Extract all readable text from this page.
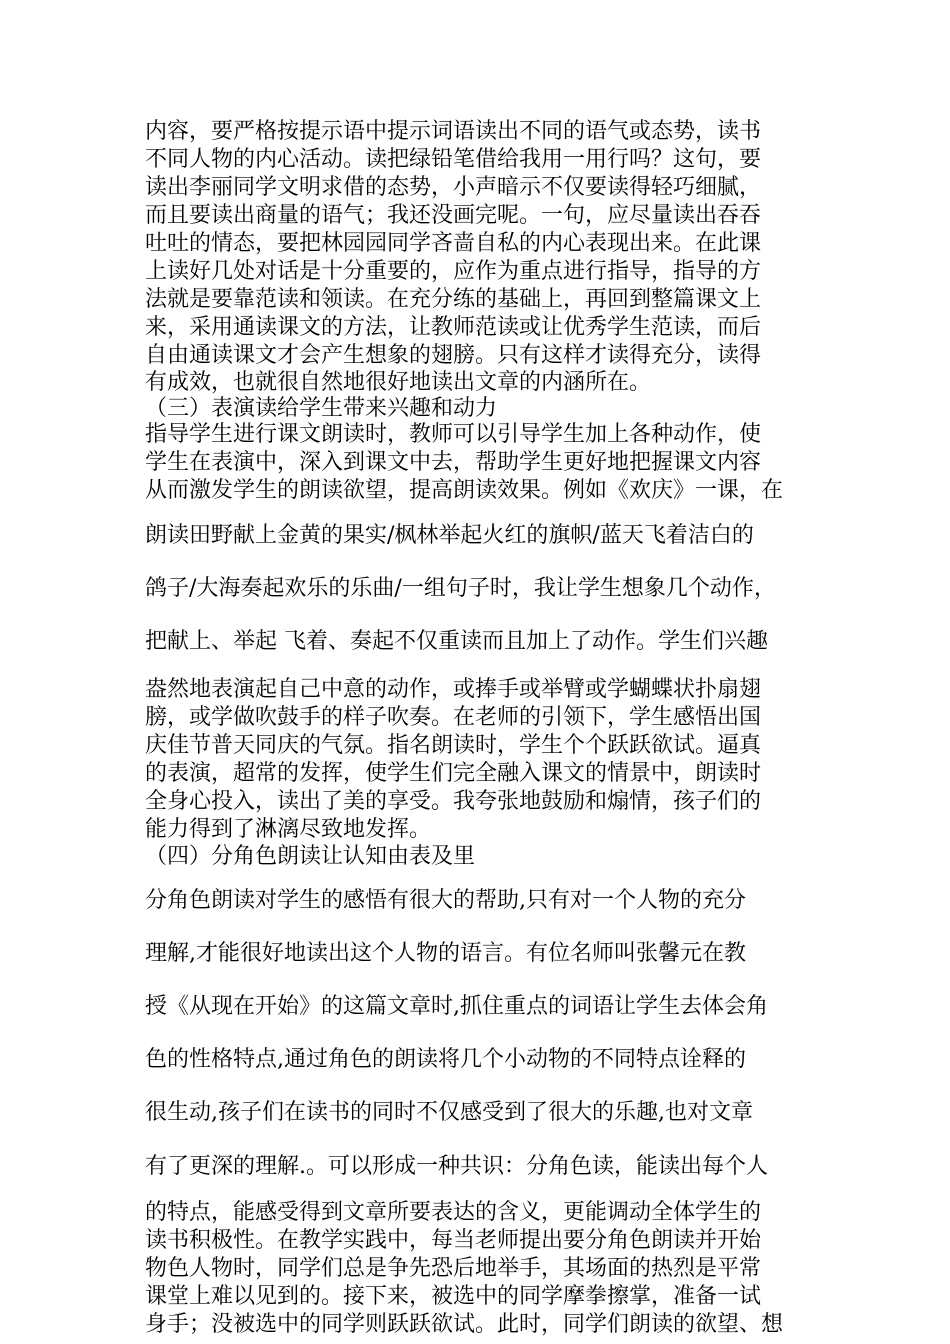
内容，要严格按提示语中提示词语读出不同的语气或态势，读书

不同人物的内心活动。读把绿铅笔借给我用一用行吗？这句，要

读出李丽同学文明求借的态势，小声暗示不仅要读得轻巧细腻，

而且要读出商量的语气；我还没画完呢。一句，应尽量读出吞吞

吐吐的情态，要把林园园同学吝啬自私的内心表现出来。在此课

上读好几处对话是十分重要的，应作为重点进行指导，指导的方

法就是要靠范读和领读。在充分练的基础上，再回到整篇课文上

来，采用通读课文的方法，让教师范读或让优秀学生范读，而后

自由通读课文才会产生想象的翅膀。只有这样才读得充分，读得

有成效，也就很自然地很好地读出文章的内涵所在。

（三）表演读给学生带来兴趣和动力

指导学生进行课文朗读时，教师可以引导学生加上各种动作，使

学生在表演中，深入到课文中去，帮助学生更好地把握课文内容

从而激发学生的朗读欲望，提高朗读效果。例如《欢庆》一课，在

朗读田野献上金黄的果实/枫林举起火红的旗帜/蓝天飞着洁白的

鸽子/大海奏起欢乐的乐曲/一组句子时，我让学生想象几个动作，

把献上、举起 飞着、奏起不仅重读而且加上了动作。学生们兴趣

盎然地表演起自己中意的动作，或捧手或举臂或学蝴蝶状扑扇翅

膀，或学做吹鼓手的样子吹奏。在老师的引领下，学生感悟出国

庆佳节普天同庆的气氛。指名朗读时，学生个个跃跃欲试。逼真

的表演，超常的发挥，使学生们完全融入课文的情景中，朗读时

全身心投入，读出了美的享受。我夸张地鼓励和煽情，孩子们的

能力得到了淋漓尽致地发挥。

（四）分角色朗读让认知由表及里

分角色朗读对学生的感悟有很大的帮助,只有对一个人物的充分

理解,才能很好地读出这个人物的语言。有位名师叫张馨元在教

授《从现在开始》的这篇文章时,抓住重点的词语让学生去体会角

色的性格特点,通过角色的朗读将几个小动物的不同特点诠释的

很生动,孩子们在读书的同时不仅感受到了很大的乐趣,也对文章

有了更深的理解.。可以形成一种共识：分角色读，能读出每个人

的特点，能感受得到文章所要表达的含义，更能调动全体学生的

读书积极性。在教学实践中，每当老师提出要分角色朗读并开始

物色人物时，同学们总是争先恐后地举手，其场面的热烈是平常

课堂上难以见到的。接下来，被选中的同学摩拳擦掌，准备一试

身手；没被选中的同学则跃跃欲试。此时，同学们朗读的欲望、想
